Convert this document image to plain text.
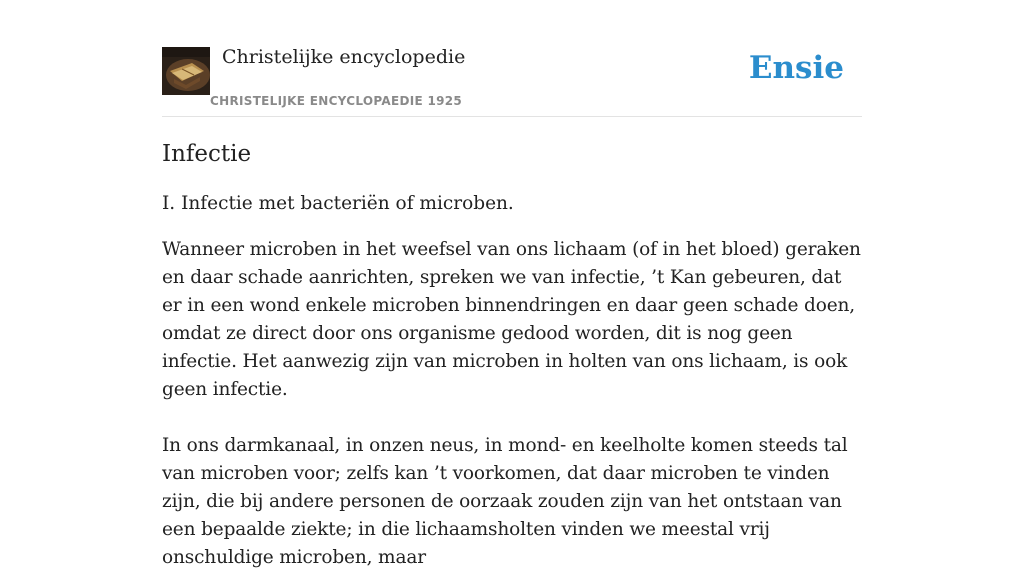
Christelijke encyclopedie
CHRISTELIJKE ENCYCLOPAEDIE 1925
Ensie
Infectie

I. Infectie met bacteriën of microben.

Wanneer microben in het weefsel van ons lichaam (of in het bloed) geraken en daar schade aanrichten, spreken we van infectie, ’t Kan gebeuren, dat er in een wond enkele microben binnendringen en daar geen schade doen, omdat ze direct door ons organisme gedood worden, dit is nog geen infectie. Het aanwezig zijn van microben in holten van ons lichaam, is ook geen infectie.

In ons darmkanaal, in onzen neus, in mond- en keelholte komen steeds tal van microben voor; zelfs kan ’t voorkomen, dat daar microben te vinden zijn, die bij andere personen de oorzaak zouden zijn van het ontstaan van een bepaalde ziekte; in die lichaamsholten vinden we meestal vrij onschuldige microben, maar
